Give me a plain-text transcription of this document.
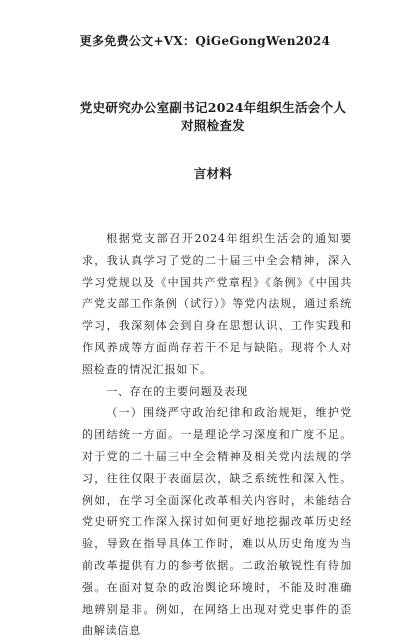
更多免费公文+VX：QiGeGongWen2024
党史研究办公室副书记2024年组织生活会个人对照检查发
言材料

根据党支部召开2024年组织生活会的通知要求，我认真学习了党的二十届三中全会精神，深入学习党规以及《中国共产党章程》《条例》《中国共产党支部工作条例（试行）》等党内法规，通过系统学习，我深刻体会到自身在思想认识、工作实践和作风养成等方面尚存若干不足与缺陷。现将个人对照检查的情况汇报如下。

一、存在的主要问题及表现

（一）围绕严守政治纪律和政治规矩，维护党的团结统一方面。一是理论学习深度和广度不足。对于党的二十届三中全会精神及相关党内法规的学习，往往仅限于表面层次，缺乏系统性和深入性。例如，在学习全面深化改革相关内容时，未能结合党史研究工作深入探讨如何更好地挖掘改革历史经验，导致在指导具体工作时，难以从历史角度为当前改革提供有力的参考依据。二政治敏锐性有待加强。在面对复杂的政治舆论环境时，不能及时准确地辨别是非。例如，在网络上出现对党史事件的歪曲解读信息
